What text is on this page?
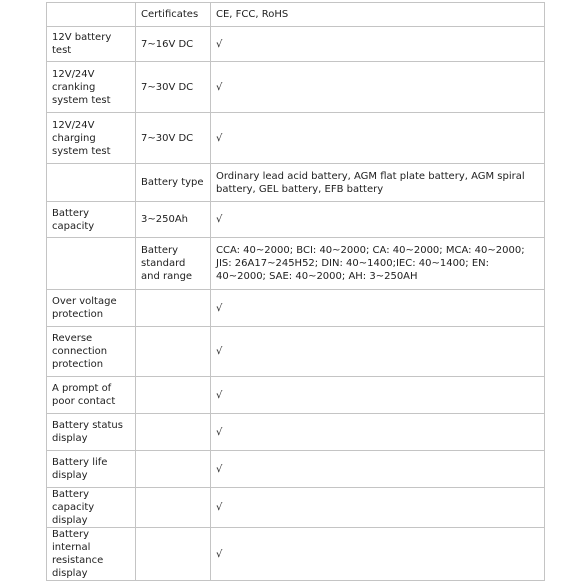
	Certificates	CE, FCC, RoHS
12V battery test	7~16V DC	√
12V/24V cranking system test	7~30V DC	√
12V/24V charging system test	7~30V DC	√
	Battery type	Ordinary lead acid battery, AGM flat plate battery, AGM spiral battery, GEL battery, EFB battery
Battery capacity	3~250Ah	√
	Battery standard and range	CCA: 40~2000; BCI: 40~2000; CA: 40~2000; MCA: 40~2000; JIS: 26A17~245H52; DIN: 40~1400;IEC: 40~1400; EN: 40~2000; SAE: 40~2000; AH: 3~250AH
Over voltage protection		√
Reverse connection protection		√
A prompt of poor contact		√
Battery status display		√
Battery life display		√
Battery capacity display		√
Battery internal resistance display		√
